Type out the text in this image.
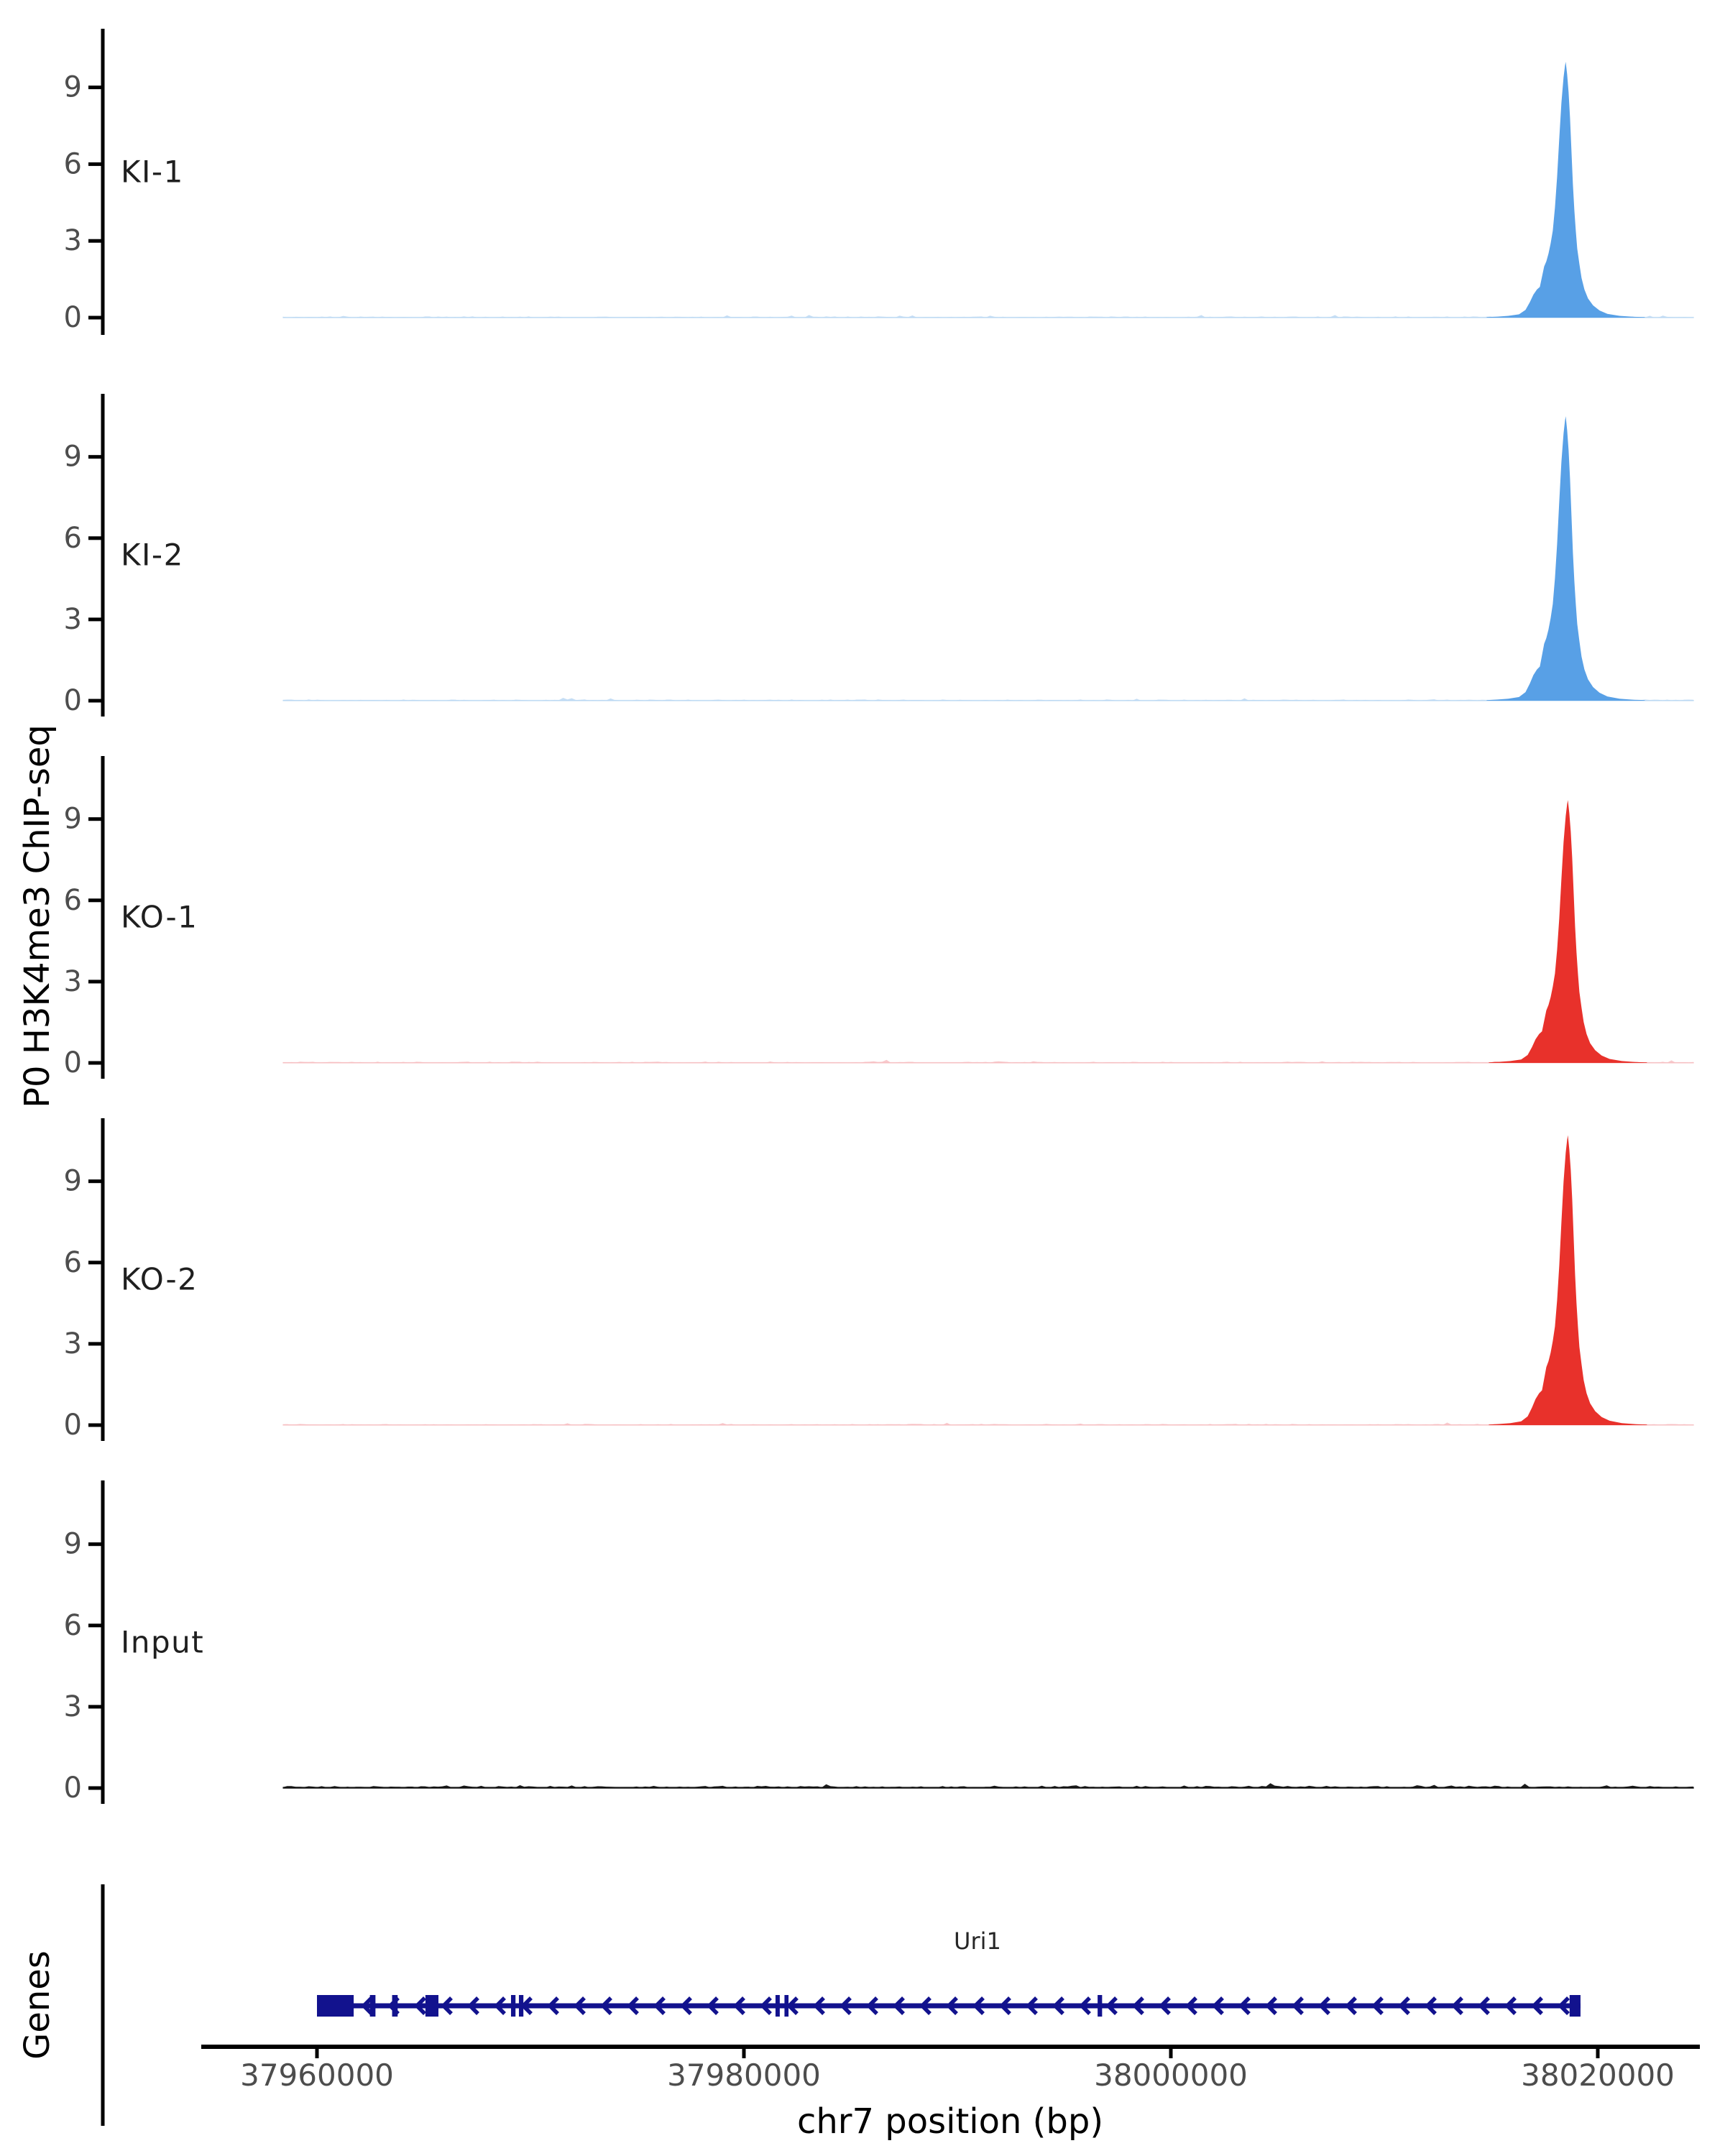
0
3
6
9
KI-1
0
3
6
9
KI-2
0
3
6
9
KO-1
0
3
6
9
KO-2
0
3
6
9
Input
Uri1
37960000	37980000	38000000	38020000
P0 H3K4me3 ChIP-seq
Genes
chr7 position (bp)
